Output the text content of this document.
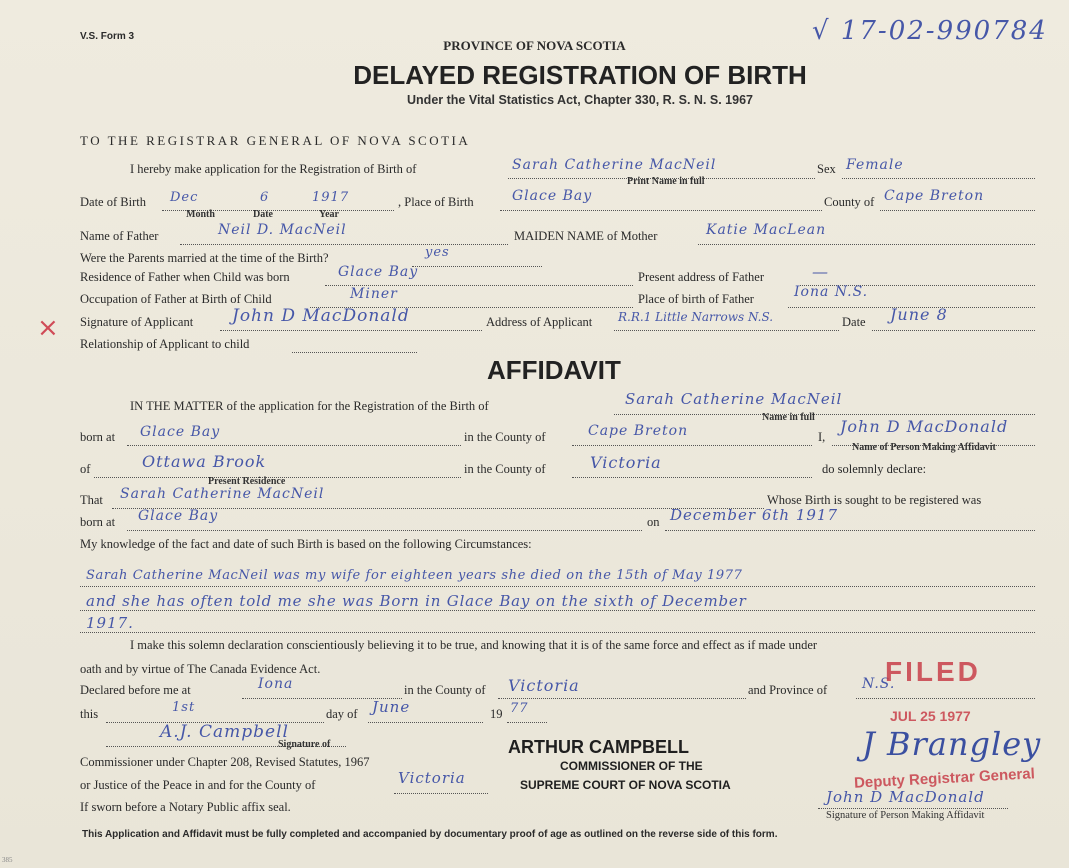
V.S. Form 3	√ 17-02-990784
PROVINCE OF NOVA SCOTIA
DELAYED REGISTRATION OF BIRTH
Under the Vital Statistics Act, Chapter 330, R. S. N. S. 1967
TO THE REGISTRAR GENERAL OF NOVA SCOTIA
I hereby make application for the Registration of Birth of	Sarah Catherine MacNeil
Print Name in full
Sex Female
Date of Birth Dec	6	1917
Month	Date	Year
, Place of Birth	Glace Bay	County of Cape Breton
Name of Father	Neil D. MacNeil	MAIDEN NAME of Mother	Katie MacLean
Were the Parents married at the time of the Birth?	yes
Residence of Father when Child was born	Glace Bay	Present address of Father	—
Occupation of Father at Birth of Child	Miner	Place of birth of Father	Iona N.S.
× Signature of Applicant John D MacDonald	Address of Applicant R.R.1 Little Narrows N.S.	Date June 8
Relationship of Applicant to child
AFFIDAVIT
IN THE MATTER of the application for the Registration of the Birth of	Sarah Catherine MacNeil
Name in full
born at Glace Bay	in the County of	Cape Breton	I,
John D MacDonald
Name of Person Making Affidavit
of	Ottawa Brook
Present Residence
in the County of	Victoria	do solemnly declare:
That Sarah Catherine MacNeil	Whose Birth is sought to be registered was
born at Glace Bay	on December 6th 1917
My knowledge of the fact and date of such Birth is based on the following Circumstances:
Sarah Catherine MacNeil was my wife for eighteen years she died on the 15th of May 1977
and she has often told me she was Born in Glace Bay on the sixth of December
1917.
I make this solemn declaration conscientiously believing it to be true, and knowing that it is of the same force and effect as if made under
oath and by virtue of The Canada Evidence Act.
Declared before me at	Iona	in the County of Victoria	and Province of N.S.
this	1st	day of June	19 77
A.J. Campbell
Signature of
Commissioner under Chapter 208, Revised Statutes, 1967
or Justice of the Peace in and for the County of	Victoria
If sworn before a Notary Public affix seal.
ARTHUR CAMPBELL
COMMISSIONER OF THE
SUPREME COURT OF NOVA SCOTIA
FILED
JUL 25 1977
J Brangley
Deputy Registrar General
John D MacDonald
Signature of Person Making Affidavit
This Application and Affidavit must be fully completed and accompanied by documentary proof of age as outlined on the reverse side of this form.
385
